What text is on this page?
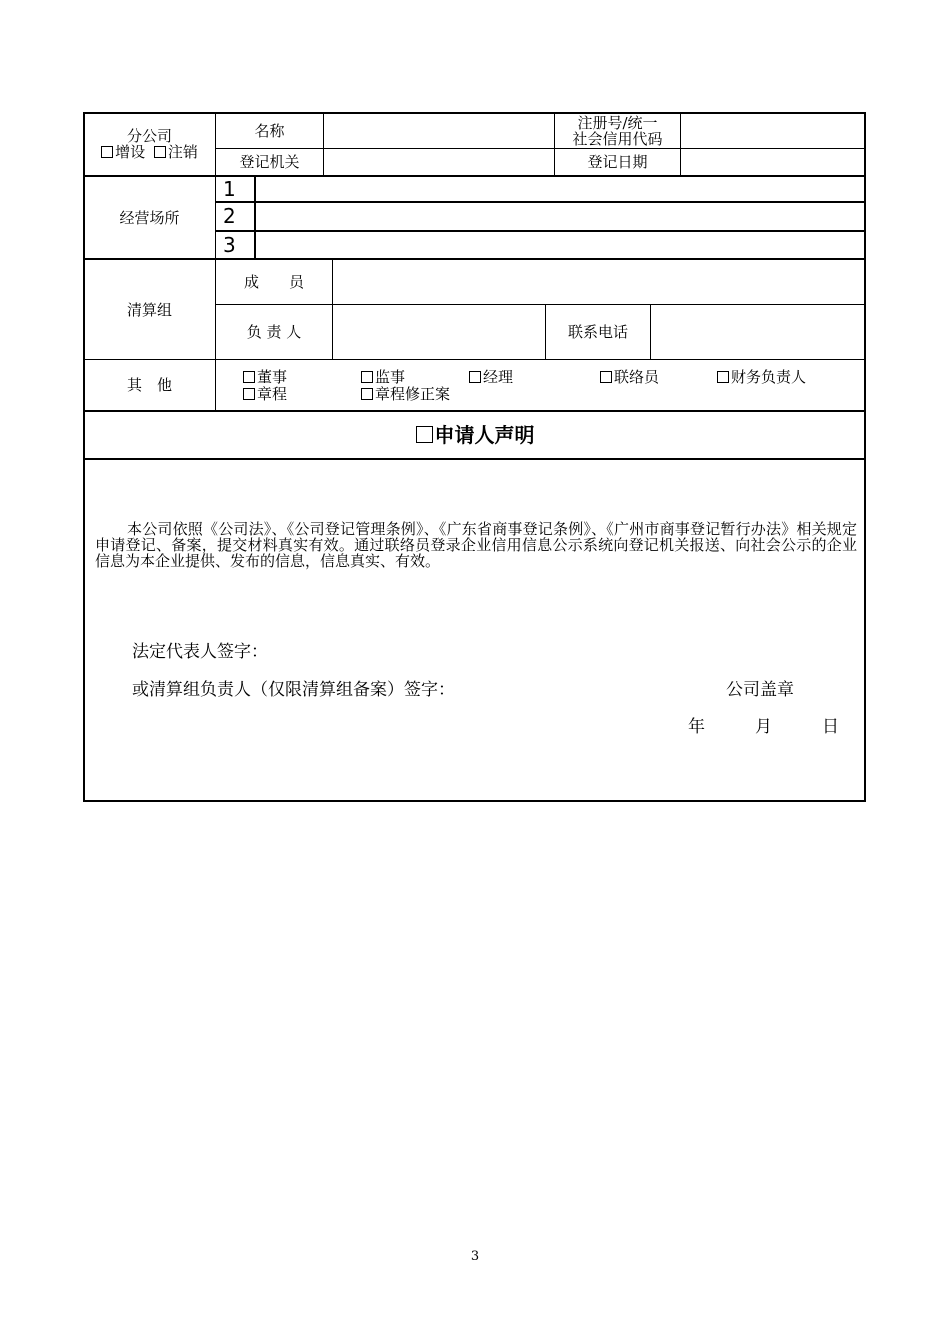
分公司
增设 注销
名称	注册号/统一
社会信用代码
登记机关	登记日期
经营场所
1
2
3
清算组
成　　员
负 责 人	联系电话
其　他	董事	监事	经理	联络员	财务负责人
章程	章程修正案
申请人声明
本公司依照《公司法》、《公司登记管理条例》、《广东省商事登记条例》、《广州市商事登记暂行办法》相关规定申请登记、备案，提交材料真实有效。通过联络员登录企业信用信息公示系统向登记机关报送、向社会公示的企业信息为本企业提供、发布的信息，信息真实、有效。
法定代表人签字：
或清算组负责人（仅限清算组备案）签字：	公司盖章
年	月	日
3
